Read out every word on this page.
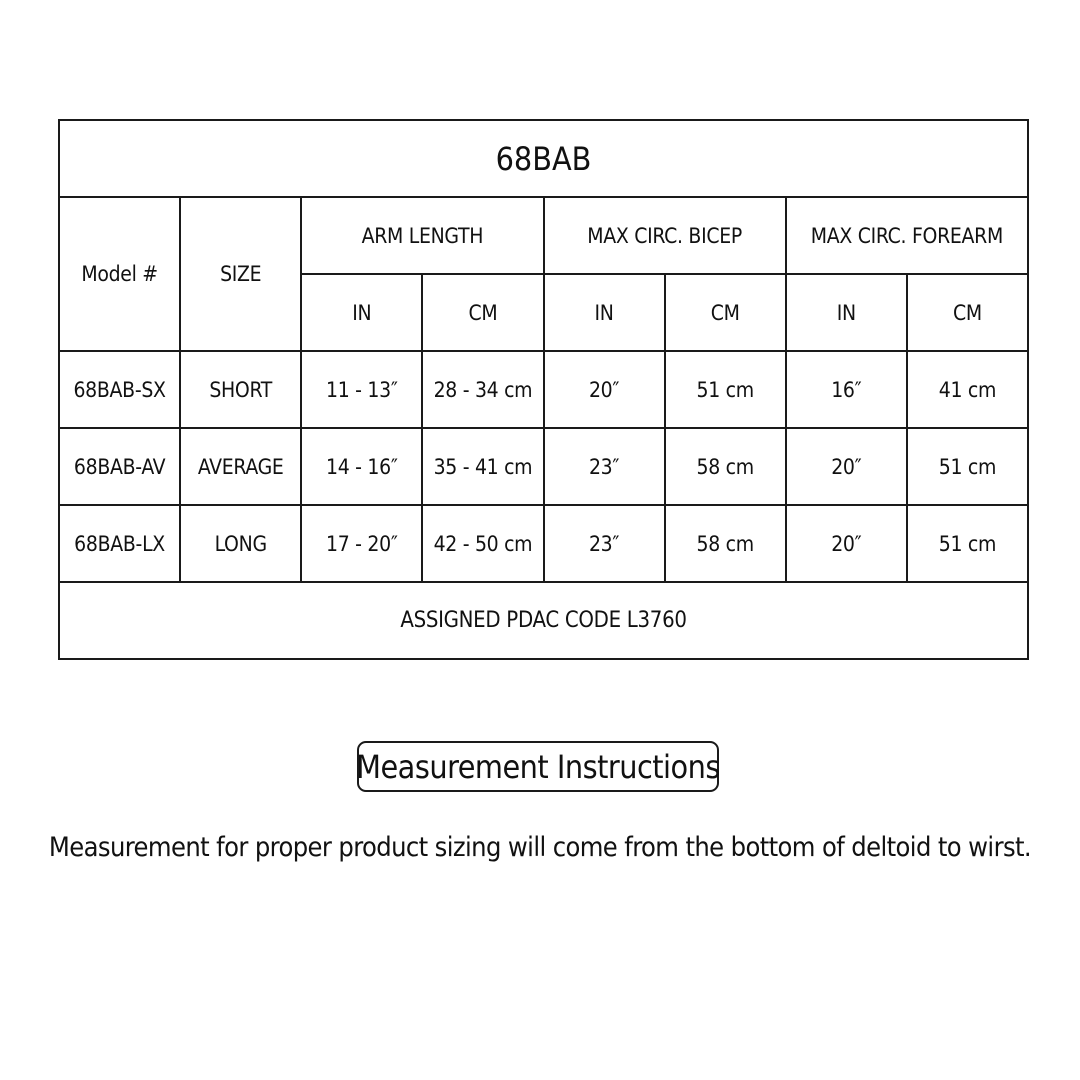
68BAB							
Model #	SIZE	ARM LENGTH		MAX CIRC. BICEP		MAX CIRC. FOREARM	
		IN	CM	IN	CM	IN	CM
68BAB-SX	SHORT	11 - 13″	28 - 34 cm	20″	51 cm	16″	41 cm
68BAB-AV	AVERAGE	14 - 16″	35 - 41 cm	23″	58 cm	20″	51 cm
68BAB-LX	LONG	17 - 20″	42 - 50 cm	23″	58 cm	20″	51 cm
ASSIGNED PDAC CODE L3760							
Measurement Instructions
Measurement for proper product sizing will come from the bottom of deltoid to wirst.
